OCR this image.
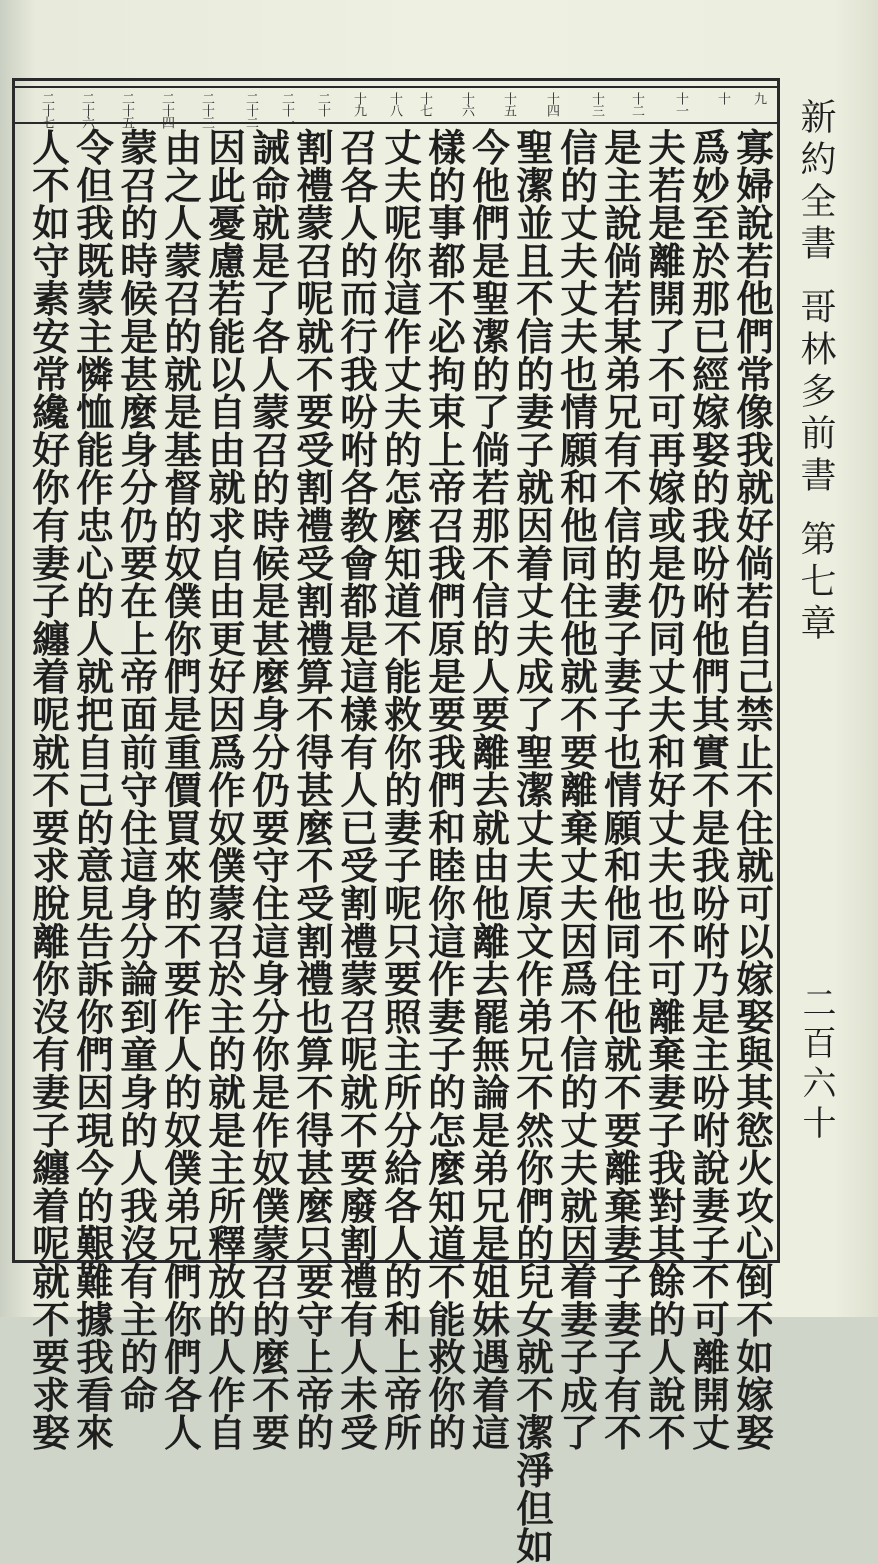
九
十
十一
十二
十三
十四
十五
十六
十七
十八
十九
二十
二十一
二十二
二十三
二十四
二十五
二十六
二十七
寡婦說若他們常像我就好倘若自己禁止不住就可以嫁娶與其慾火攻心倒不如嫁娶
爲妙至於那已經嫁娶的我吩咐他們其實不是我吩咐乃是主吩咐說妻子不可離開丈
夫若是離開了不可再嫁或是仍同丈夫和好丈夫也不可離棄妻子我對其餘的人說不
是主說倘若某弟兄有不信的妻子妻子也情願和他同住他就不要離棄妻子妻子有不
信的丈夫丈夫也情願和他同住他就不要離棄丈夫因爲不信的丈夫就因着妻子成了
聖潔並且不信的妻子就因着丈夫成了聖潔丈夫原文作弟兄不然你們的兒女就不潔淨但如
今他們是聖潔的了倘若那不信的人要離去就由他離去罷無論是弟兄是姐妹遇着這
樣的事都不必拘束上帝召我們原是要我們和睦你這作妻子的怎麼知道不能救你的
丈夫呢你這作丈夫的怎麼知道不能救你的妻子呢只要照主所分給各人的和上帝所
召各人的而行我吩咐各教會都是這樣有人已受割禮蒙召呢就不要廢割禮有人未受
割禮蒙召呢就不要受割禮受割禮算不得甚麼不受割禮也算不得甚麼只要守上帝的
誡命就是了各人蒙召的時候是甚麼身分仍要守住這身分你是作奴僕蒙召的麼不要
因此憂慮若能以自由就求自由更好因爲作奴僕蒙召於主的就是主所釋放的人作自
由之人蒙召的就是基督的奴僕你們是重價買來的不要作人的奴僕弟兄們你們各人
蒙召的時候是甚麼身分仍要在上帝面前守住這身分論到童身的人我沒有主的命
令但我既蒙主憐恤能作忠心的人就把自己的意見告訴你們因現今的艱難據我看來
人不如守素安常纔好你有妻子纏着呢就不要求脫離你沒有妻子纏着呢就不要求娶	新約全書哥林多前書第七章
二百六十
